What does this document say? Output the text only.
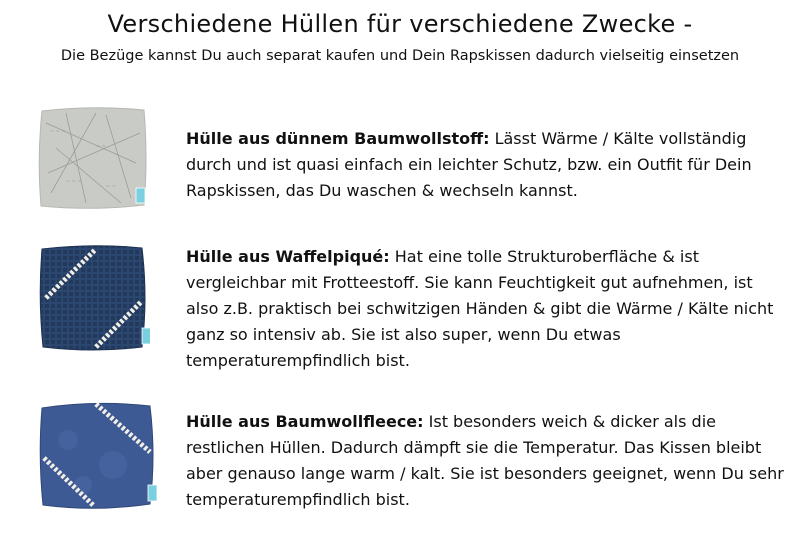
Verschiedene Hüllen für verschiedene Zwecke -
Die Bezüge kannst Du auch separat kaufen und Dein Rapskissen dadurch vielseitig einsetzen
~ ~ ~
~ ~
~ ~ ~
~ ~
Hülle aus dünnem Baumwollstoff: Lässt Wärme / Kälte vollständig durch und ist quasi einfach ein leichter Schutz, bzw. ein Outfit für Dein Rapskissen, das Du waschen & wechseln kannst.
Hülle aus Waffelpiqué: Hat eine tolle Strukturoberfläche & ist vergleichbar mit Frotteestoff. Sie kann Feuchtigkeit gut aufnehmen, ist also z.B. praktisch bei schwitzigen Händen & gibt die Wärme / Kälte nicht ganz so intensiv ab. Sie ist also super, wenn Du etwas temperaturempfindlich bist.
Hülle aus Baumwollfleece: Ist besonders weich & dicker als die restlichen Hüllen. Dadurch dämpft sie die Temperatur. Das Kissen bleibt aber genauso lange warm / kalt. Sie ist besonders geeignet, wenn Du sehr temperaturempfindlich bist.
